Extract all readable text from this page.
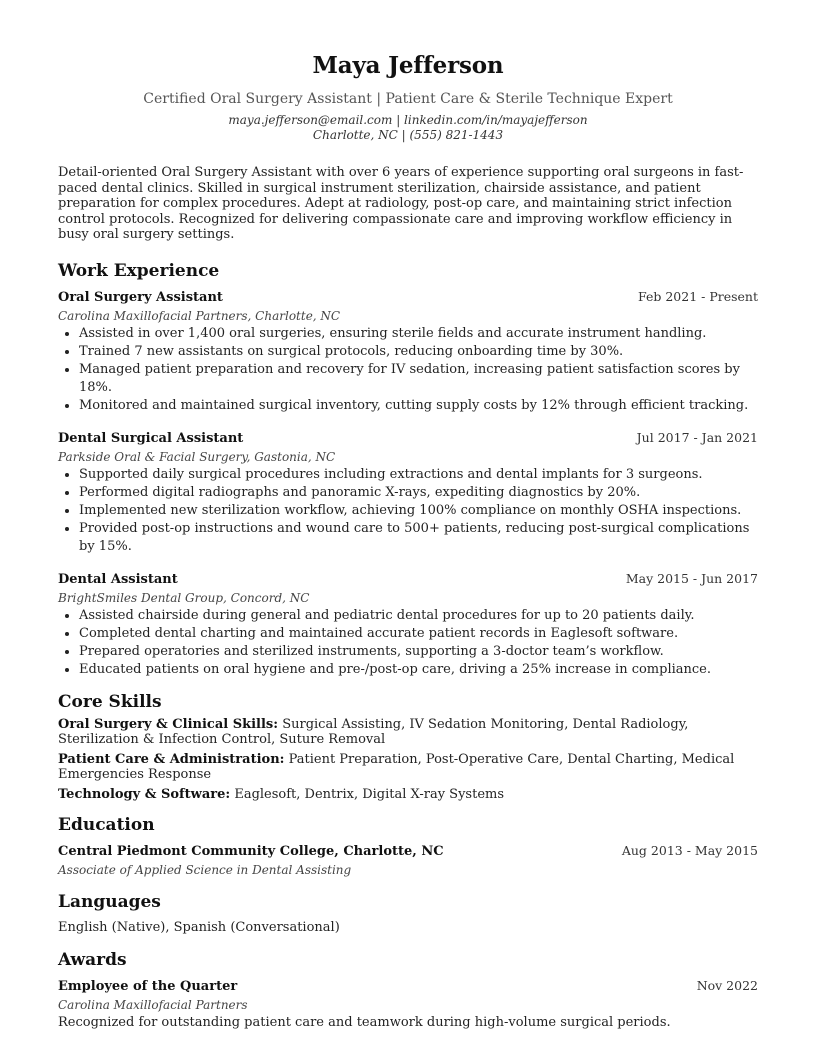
Maya Jefferson
Certified Oral Surgery Assistant | Patient Care & Sterile Technique Expert
maya.jefferson@email.com | linkedin.com/in/mayajefferson
Charlotte, NC | (555) 821-1443
Detail-oriented Oral Surgery Assistant with over 6 years of experience supporting oral surgeons in fast-paced dental clinics. Skilled in surgical instrument sterilization, chairside assistance, and patient preparation for complex procedures. Adept at radiology, post-op care, and maintaining strict infection control protocols. Recognized for delivering compassionate care and improving workflow efficiency in busy oral surgery settings.
Work Experience
Oral Surgery Assistant	Feb 2021 - Present
Carolina Maxillofacial Partners, Charlotte, NC
• Assisted in over 1,400 oral surgeries, ensuring sterile fields and accurate instrument handling.
• Trained 7 new assistants on surgical protocols, reducing onboarding time by 30%.
• Managed patient preparation and recovery for IV sedation, increasing patient satisfaction scores by 18%.
• Monitored and maintained surgical inventory, cutting supply costs by 12% through efficient tracking.
Dental Surgical Assistant	Jul 2017 - Jan 2021
Parkside Oral & Facial Surgery, Gastonia, NC
• Supported daily surgical procedures including extractions and dental implants for 3 surgeons.
• Performed digital radiographs and panoramic X-rays, expediting diagnostics by 20%.
• Implemented new sterilization workflow, achieving 100% compliance on monthly OSHA inspections.
• Provided post-op instructions and wound care to 500+ patients, reducing post-surgical complications by 15%.
Dental Assistant	May 2015 - Jun 2017
BrightSmiles Dental Group, Concord, NC
• Assisted chairside during general and pediatric dental procedures for up to 20 patients daily.
• Completed dental charting and maintained accurate patient records in Eaglesoft software.
• Prepared operatories and sterilized instruments, supporting a 3-doctor team’s workflow.
• Educated patients on oral hygiene and pre-/post-op care, driving a 25% increase in compliance.
Core Skills
Oral Surgery & Clinical Skills: Surgical Assisting, IV Sedation Monitoring, Dental Radiology, Sterilization & Infection Control, Suture Removal
Patient Care & Administration: Patient Preparation, Post-Operative Care, Dental Charting, Medical Emergencies Response
Technology & Software: Eaglesoft, Dentrix, Digital X-ray Systems
Education
Central Piedmont Community College, Charlotte, NC	Aug 2013 - May 2015
Associate of Applied Science in Dental Assisting
Languages
English (Native), Spanish (Conversational)
Awards
Employee of the Quarter	Nov 2022
Carolina Maxillofacial Partners
Recognized for outstanding patient care and teamwork during high-volume surgical periods.
